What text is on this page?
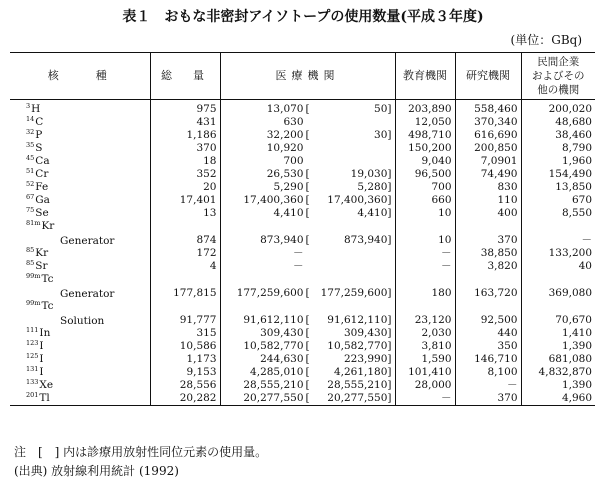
表１　おもな非密封アイソトープの使用数量(平成３年度)
(単位：GBq)
核　　種	総　量	医療機関	教育機関	研究機関	民間企業
およびその
他の機関

$^3$H	975	13,070 [ 50]	203,890	558,460	200,020
$^{14}$C	431	630	12,050	370,340	48,680
$^{32}$P	1,186	32,200 [ 30]	498,710	616,690	38,460
$^{35}$S	370	10,920	150,200	200,850	8,790
$^{45}$Ca	18	700	9,040	7,0901	1,960
$^{51}$Cr	352	26,530 [ 19,030]	96,500	74,490	154,490
$^{52}$Fe	20	5,290 [ 5,280]	700	830	13,850
$^{67}$Ga	17,401	17,400,360 [ 17,400,360]	660	110	670
$^{75}$Se	13	4,410 [ 4,410]	10	400	8,550
$^{81m}$Kr
Generator	874	873,940 [ 873,940]	10	370	－
$^{85}$Kr	172	－	－	38,850	133,200
$^{85}$Sr	4	－	－	3,820	40
$^{99m}$Tc
Generator	177,815	177,259,600 [ 177,259,600]	180	163,720	369,080
$^{99m}$Tc
Solution	91,777	91,612,110 [ 91,612,110]	23,120	92,500	70,670
$^{111}$In	315	309,430 [ 309,430]	2,030	440	1,410
$^{123}$I	10,586	10,582,770 [ 10,582,770]	3,810	350	1,390
$^{125}$I	1,173	244,630 [ 223,990]	1,590	146,710	681,080
$^{131}$I	9,153	4,285,010 [ 4,261,180]	101,410	8,100	4,832,870
$^{133}$Xe	28,556	28,555,210 [ 28,555,210]	28,000	－	1,390
$^{201}$Tl	20,282	20,277,550 [ 20,277,550]	－	370	4,960
注　[　] 内は診療用放射性同位元素の使用量。
(出典) 放射線利用統計 (1992)
